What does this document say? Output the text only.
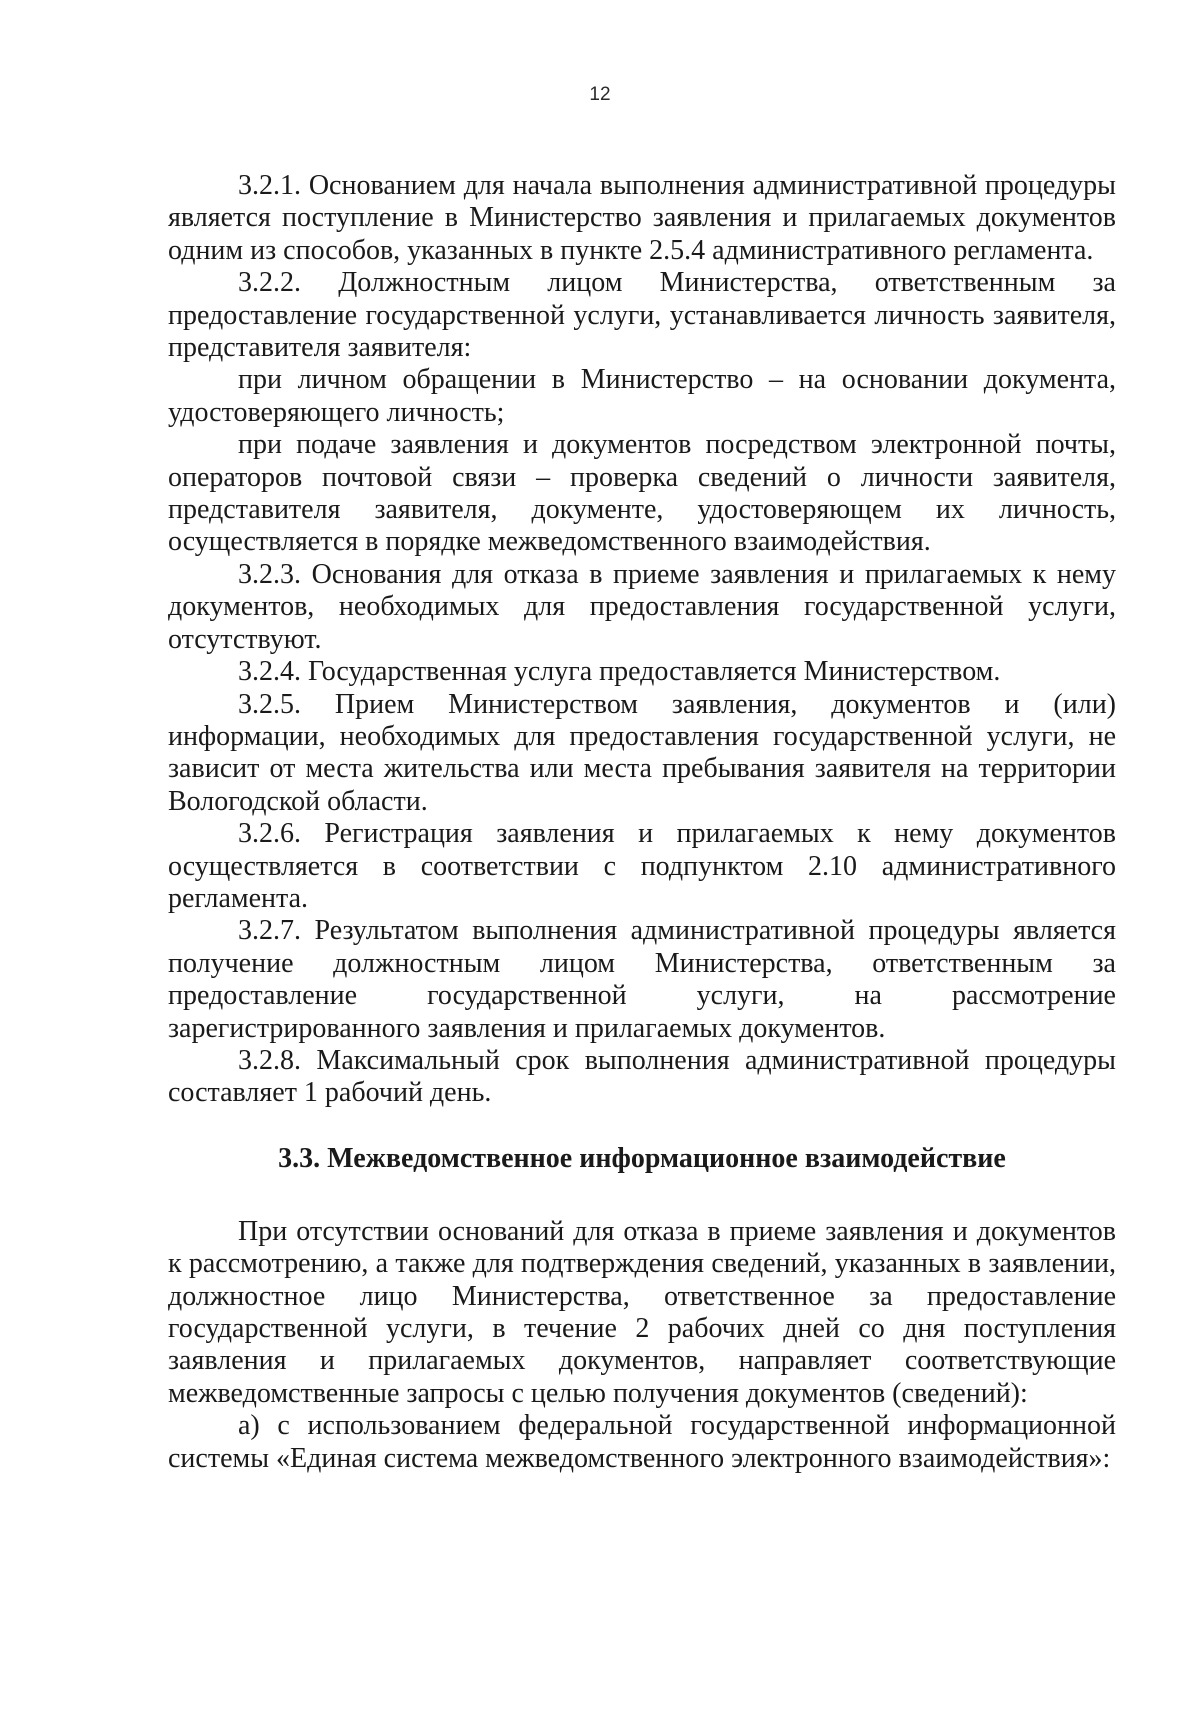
12

3.2.1. Основанием для начала выполнения административной процедуры является поступление в Министерство заявления и прилагаемых документов одним из способов, указанных в пункте 2.5.4 административного регламента.

3.2.2. Должностным лицом Министерства, ответственным за предоставление государственной услуги, устанавливается личность заявителя, представителя заявителя:

при личном обращении в Министерство – на основании документа, удостоверяющего личность;

при подаче заявления и документов посредством электронной почты, операторов почтовой связи – проверка сведений о личности заявителя, представителя заявителя, документе, удостоверяющем их личность, осуществляется в порядке межведомственного взаимодействия.

3.2.3. Основания для отказа в приеме заявления и прилагаемых к нему документов, необходимых для предоставления государственной услуги, отсутствуют.

3.2.4. Государственная услуга предоставляется Министерством.

3.2.5. Прием Министерством заявления, документов и (или) информации, необходимых для предоставления государственной услуги, не зависит от места жительства или места пребывания заявителя на территории Вологодской области.

3.2.6. Регистрация заявления и прилагаемых к нему документов осуществляется в соответствии с подпунктом 2.10 административного регламента.

3.2.7. Результатом выполнения административной процедуры является получение должностным лицом Министерства, ответственным за предоставление государственной услуги, на рассмотрение зарегистрированного заявления и прилагаемых документов.

3.2.8. Максимальный срок выполнения административной процедуры составляет 1 рабочий день.

3.3. Межведомственное информационное взаимодействие

При отсутствии оснований для отказа в приеме заявления и документов к рассмотрению, а также для подтверждения сведений, указанных в заявлении, должностное лицо Министерства, ответственное за предоставление государственной услуги, в течение 2 рабочих дней со дня поступления заявления и прилагаемых документов, направляет соответствующие межведомственные запросы с целью получения документов (сведений):

а) с использованием федеральной государственной информационной системы «Единая система межведомственного электронного взаимодействия»:
